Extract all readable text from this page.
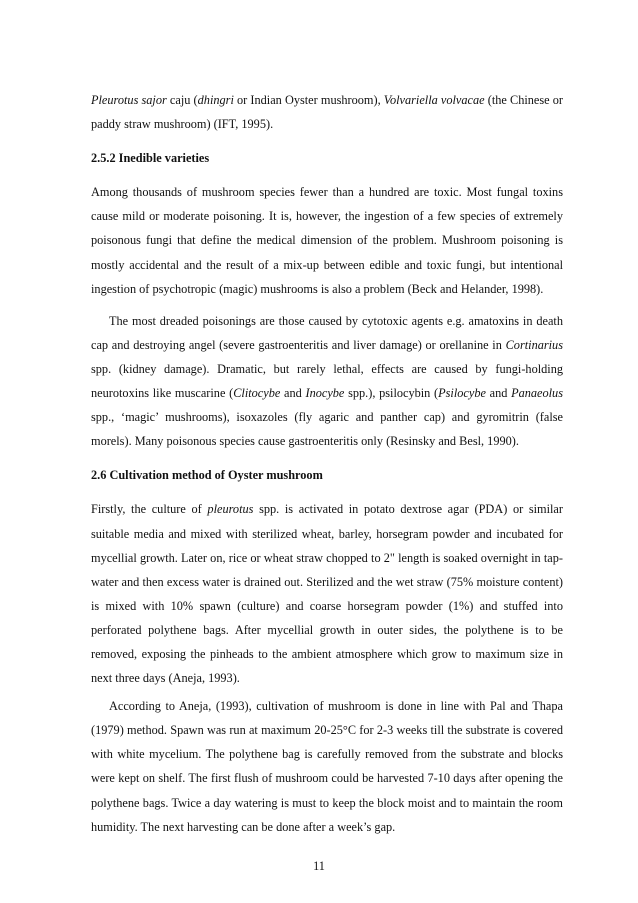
Pleurotus sajor caju (dhingri or Indian Oyster mushroom), Volvariella volvacae (the Chinese or paddy straw mushroom) (IFT, 1995).

2.5.2 Inedible varieties

Among thousands of mushroom species fewer than a hundred are toxic. Most fungal toxins cause mild or moderate poisoning. It is, however, the ingestion of a few species of extremely poisonous fungi that define the medical dimension of the problem. Mushroom poisoning is mostly accidental and the result of a mix-up between edible and toxic fungi, but intentional ingestion of psychotropic (magic) mushrooms is also a problem (Beck and Helander, 1998).

The most dreaded poisonings are those caused by cytotoxic agents e.g. amatoxins in death cap and destroying angel (severe gastroenteritis and liver damage) or orellanine in Cortinarius spp. (kidney damage). Dramatic, but rarely lethal, effects are caused by fungi-holding neurotoxins like muscarine (Clitocybe and Inocybe spp.), psilocybin (Psilocybe and Panaeolus spp., ‘magic’ mushrooms), isoxazoles (fly agaric and panther cap) and gyromitrin (false morels). Many poisonous species cause gastroenteritis only (Resinsky and Besl, 1990).

2.6 Cultivation method of Oyster mushroom

Firstly, the culture of pleurotus spp. is activated in potato dextrose agar (PDA) or similar suitable media and mixed with sterilized wheat, barley, horsegram powder and incubated for mycellial growth. Later on, rice or wheat straw chopped to 2" length is soaked overnight in tap-water and then excess water is drained out. Sterilized and the wet straw (75% moisture content) is mixed with 10% spawn (culture) and coarse horsegram powder (1%) and stuffed into perforated polythene bags. After mycellial growth in outer sides, the polythene is to be removed, exposing the pinheads to the ambient atmosphere which grow to maximum size in next three days (Aneja, 1993).

According to Aneja, (1993), cultivation of mushroom is done in line with Pal and Thapa (1979) method. Spawn was run at maximum 20-25°C for 2-3 weeks till the substrate is covered with white mycelium. The polythene bag is carefully removed from the substrate and blocks were kept on shelf. The first flush of mushroom could be harvested 7-10 days after opening the polythene bags. Twice a day watering is must to keep the block moist and to maintain the room humidity. The next harvesting can be done after a week’s gap.

11
